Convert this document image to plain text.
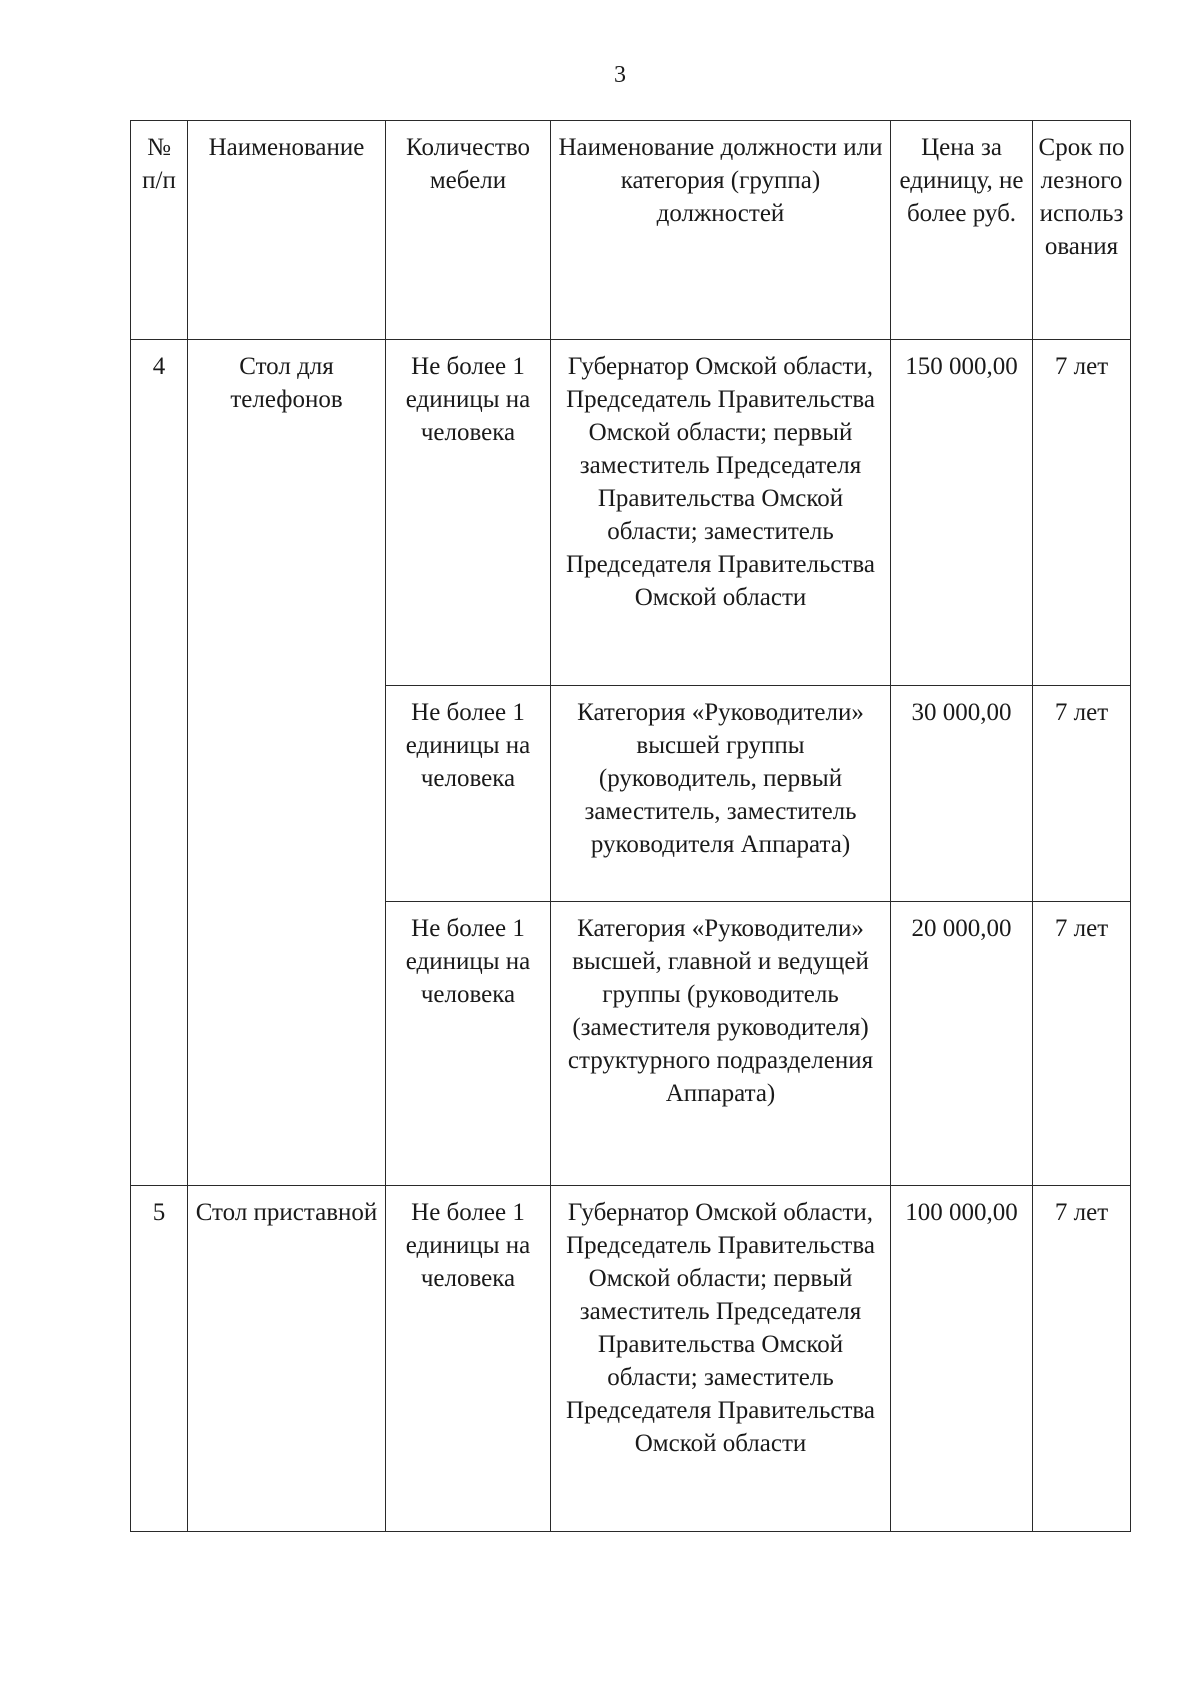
3
№ п/п	Наименование	Количество мебели	Наименование должности или категория (группа) должностей	Цена за единицу, не более руб.	Срок полезного использования
4	Стол для телефонов	Не более 1 единицы на человека	Губернатор Омской области, Председатель Правительства Омской области; первый заместитель Председателя Правительства Омской области; заместитель Председателя Правительства Омской области	150 000,00	7 лет
		Не более 1 единицы на человека	Категория «Руководители» высшей группы (руководитель, первый заместитель, заместитель руководителя Аппарата)	30 000,00	7 лет
		Не более 1 единицы на человека	Категория «Руководители» высшей, главной и ведущей группы (руководитель (заместителя руководителя) структурного подразделения Аппарата)	20 000,00	7 лет
5	Стол приставной	Не более 1 единицы на человека	Губернатор Омской области, Председатель Правительства Омской области; первый заместитель Председателя Правительства Омской области; заместитель Председателя Правительства Омской области	100 000,00	7 лет
